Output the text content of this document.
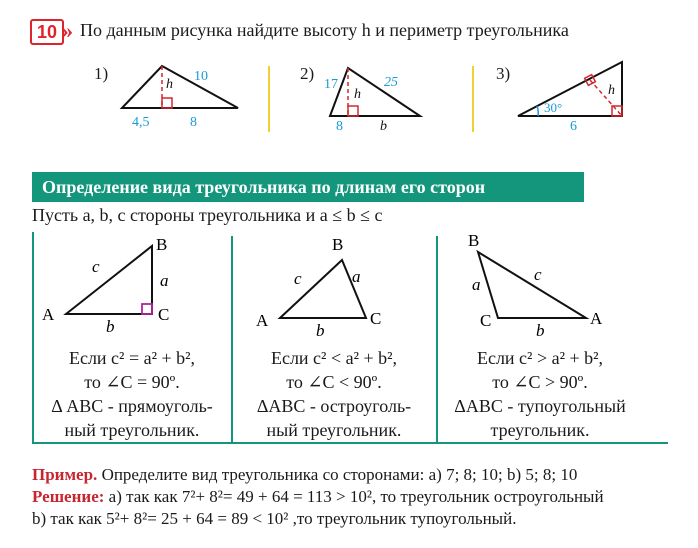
10 » По данным рисунка найдите высоту h и периметр треугольника
1)
h
10
4,5	8
2)
h
17	25
8	b
3)
h
30°
6
Определение вида треугольника по длинам его сторон
Пусть a, b, c стороны треугольника и a ≤ b ≤ c
B
A	C
c
a
b
Если c² = a² + b²,
то ∠C = 90º.
Δ ABC - прямоуголь-
ный треугольник.
B
A	C
c	a
b
Если c² < a² + b²,
то ∠C < 90º.
ΔABC - остроуголь-
ный треугольник.
B
A
C
c
a
b
Если c² > a² + b²,
то ∠C > 90º.
ΔABC - тупоугольный
треугольник.
Пример. Определите вид треугольника со сторонами: a) 7; 8; 10; b) 5; 8; 10
Решение: а) так как 7²+ 8²= 49 + 64 = 113 > 10², то треугольник остроугольный
b) так как 5²+ 8²= 25 + 64 = 89 < 10² ,то треугольник тупоугольный.
